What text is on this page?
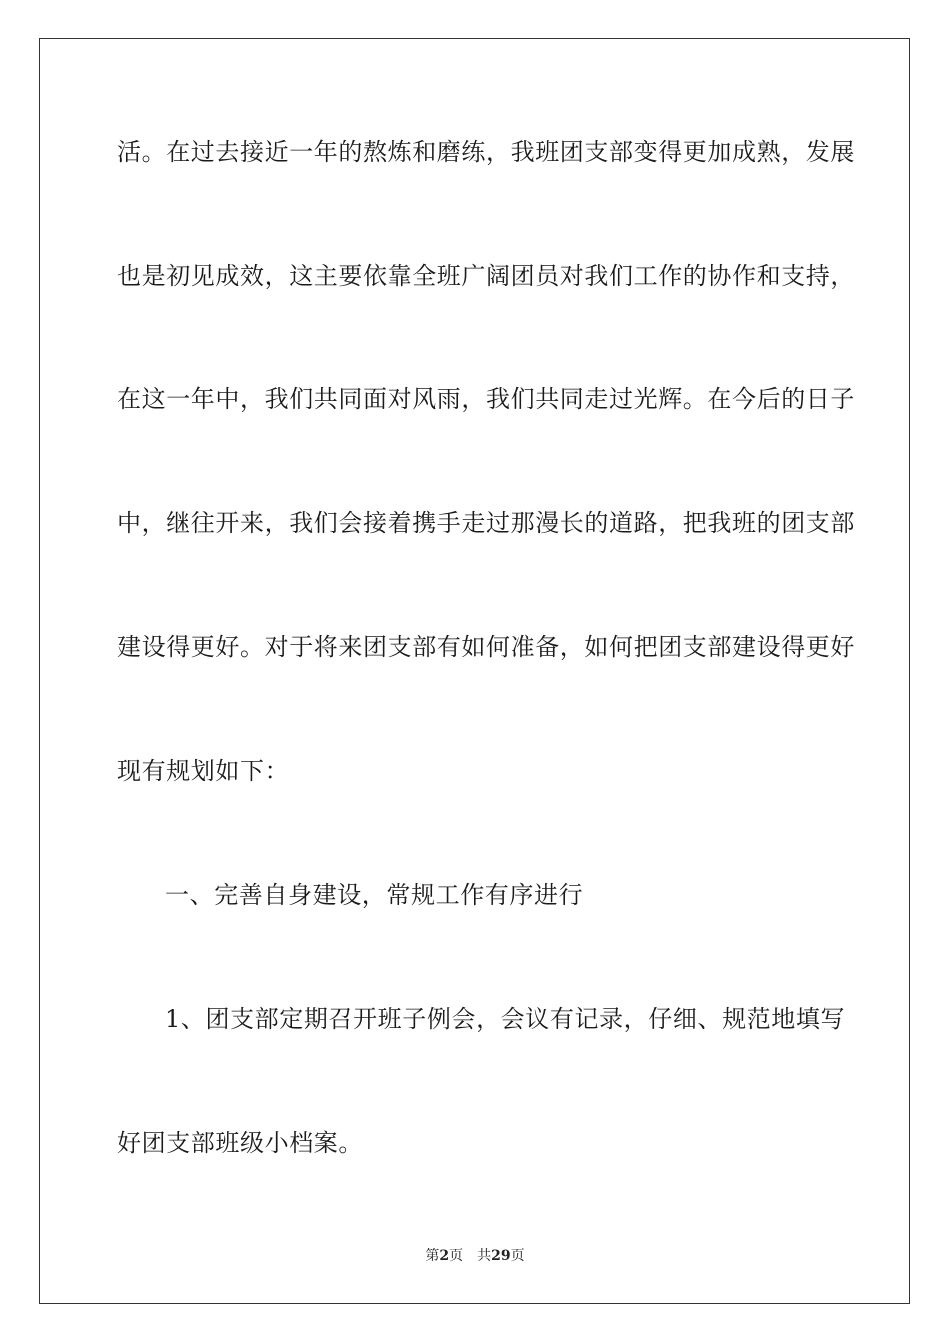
活。在过去接近一年的熬炼和磨练，我班团支部变得更加成熟，发展
也是初见成效，这主要依靠全班广阔团员对我们工作的协作和支持，
在这一年中，我们共同面对风雨，我们共同走过光辉。在今后的日子
中，继往开来，我们会接着携手走过那漫长的道路，把我班的团支部
建设得更好。对于将来团支部有如何准备，如何把团支部建设得更好
现有规划如下：
一、完善自身建设，常规工作有序进行
1、团支部定期召开班子例会，会议有记录，仔细、规范地填写
好团支部班级小档案。
第2页 共29页
